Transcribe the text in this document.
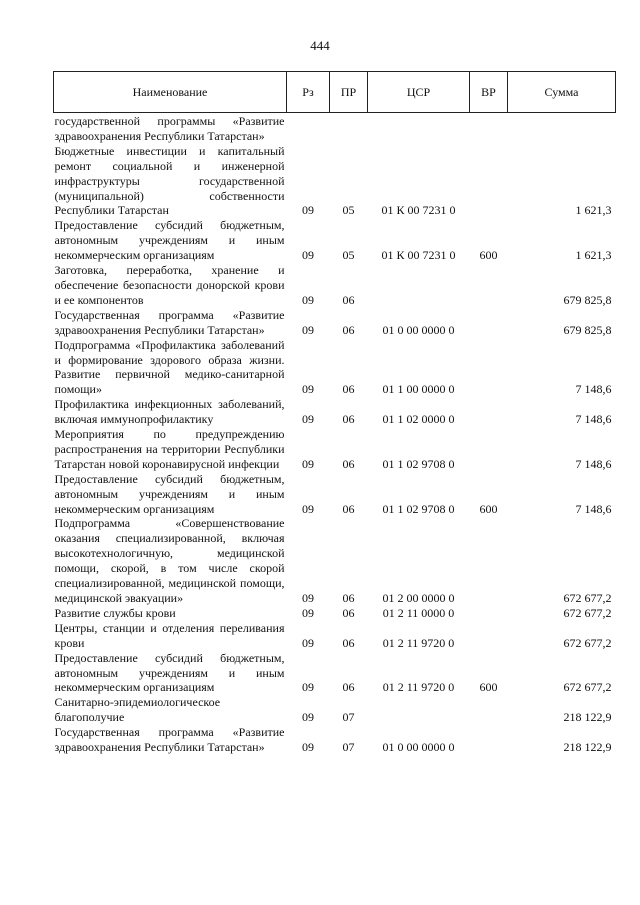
444
Наименование	Рз	ПР	ЦСР	ВР	Сумма
государственной программы «Развитие здравоохранения Республики Татарстан»					
Бюджетные инвестиции и капитальный ремонт социальной и инженерной инфраструктуры государственной (муниципальной) собственности Республики Татарстан	09	05	01 К 00 7231 0		1 621,3
Предоставление субсидий бюджетным, автономным учреждениям и иным некоммерческим организациям	09	05	01 К 00 7231 0	600	1 621,3
Заготовка, переработка, хранение и обеспечение безопасности донорской крови и ее компонентов	09	06			679 825,8
Государственная программа «Развитие здравоохранения Республики Татарстан»	09	06	01 0 00 0000 0		679 825,8
Подпрограмма «Профилактика заболеваний и формирование здорового образа жизни. Развитие первичной медико-санитарной помощи»	09	06	01 1 00 0000 0		7 148,6
Профилактика инфекционных заболеваний, включая иммунопрофилактику	09	06	01 1 02 0000 0		7 148,6
Мероприятия по предупреждению распространения на территории Республики Татарстан новой коронавирусной инфекции	09	06	01 1 02 9708 0		7 148,6
Предоставление субсидий бюджетным, автономным учреждениям и иным некоммерческим организациям	09	06	01 1 02 9708 0	600	7 148,6
Подпрограмма «Совершенствование оказания специализированной, включая высокотехнологичную, медицинской помощи, скорой, в том числе скорой специализированной, медицинской помощи, медицинской эвакуации»	09	06	01 2 00 0000 0		672 677,2
Развитие службы крови	09	06	01 2 11 0000 0		672 677,2
Центры, станции и отделения переливания крови	09	06	01 2 11 9720 0		672 677,2
Предоставление субсидий бюджетным, автономным учреждениям и иным некоммерческим организациям	09	06	01 2 11 9720 0	600	672 677,2
Санитарно-эпидемиологическое благополучие	09	07			218 122,9
Государственная программа «Развитие здравоохранения Республики Татарстан»	09	07	01 0 00 0000 0		218 122,9
